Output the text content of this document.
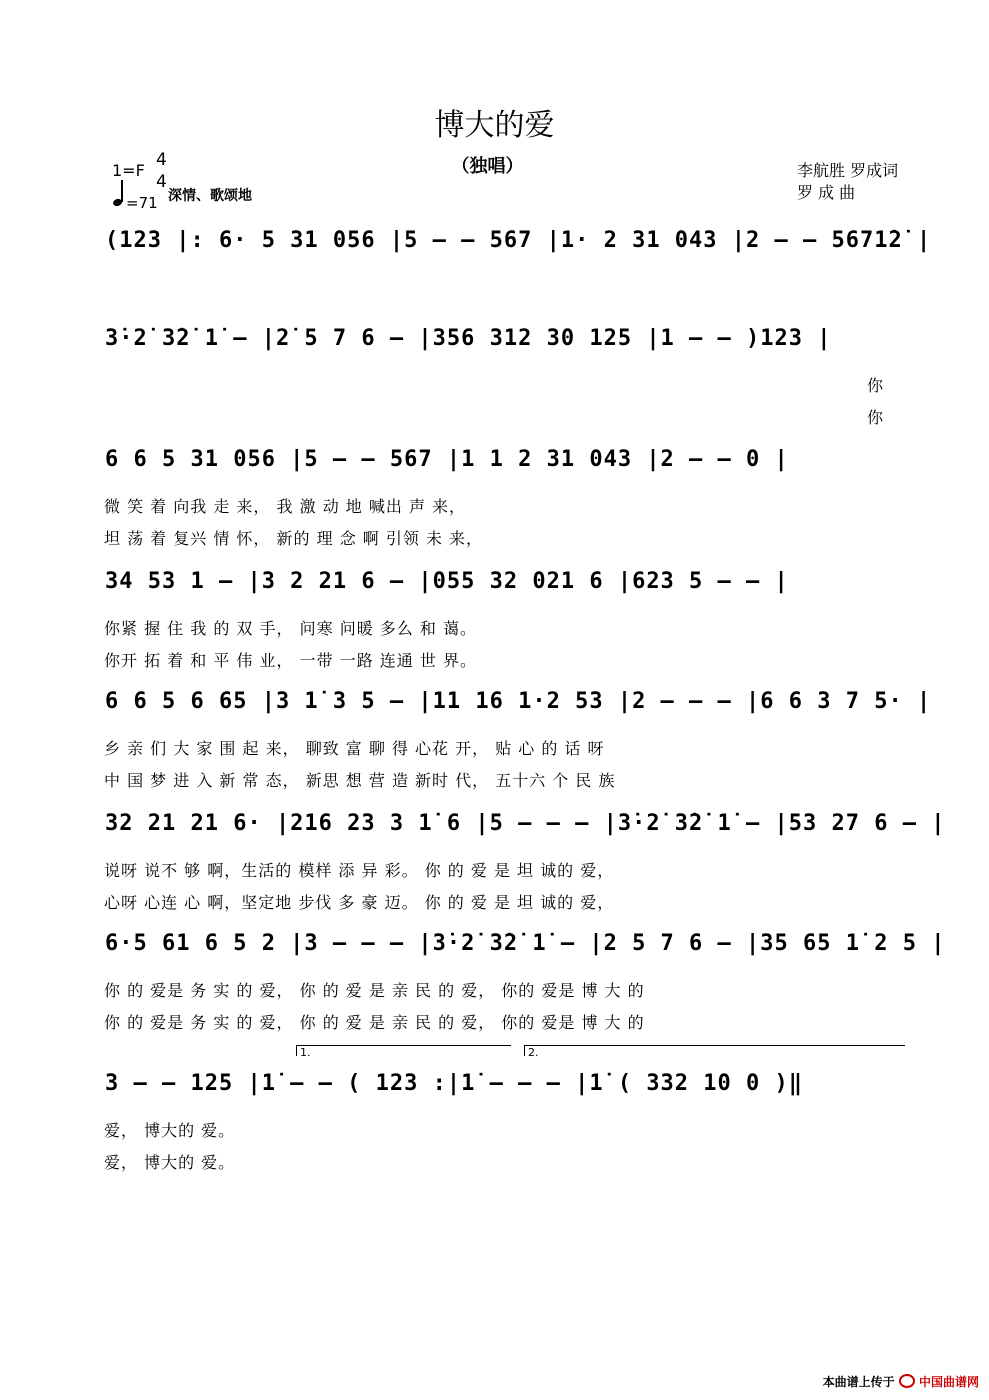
博大的爱
（独唱）
1=F
4
4
=71 深情、歌颂地
李航胜 罗成词
罗 成 曲
(123 |: 6· 5 31 056 |5 – – 567 |1· 2 31 043 |2 – – 5671̇2̇ |
3̇·2̇ 3̇2̇ 1̇ – |2̇ 5 7 6 – |356 312 30 125 |1 – – )123 |
你
你
6 6 5 31 056 |5 – – 567 |1 1 2 31 043 |2 – – 0 |
微 笑 着 向我 走 来， 我 激 动 地 喊出 声 来，
坦 荡 着 复兴 情 怀， 新的 理 念 啊 引领 未 来，
34 53 1 – |3 2 21 6 – |055 32 021 6 |623 5 – – |
你紧 握 住 我 的 双 手， 问寒 问暖 多么 和 蔼。
你开 拓 着 和 平 伟 业， 一带 一路 连通 世 界。
6 6 5 6 65 |3 1̇ 3 5 – |11 16 1·2 53 |2 – – – |6 6 3 7 5· |
乡 亲 们 大 家 围 起 来， 聊致 富 聊 得 心花 开， 贴 心 的 话 呀
中 国 梦 进 入 新 常 态， 新思 想 营 造 新时 代， 五十六 个 民 族
32 21 21 6· |216 23 3 1̇ 6 |5 – – – |3̇·2̇ 3̇2̇ 1̇ – |53 27 6 – |
说呀 说不 够 啊，生活的 模样 添 异 彩。 你 的 爱 是 坦 诚的 爱，
心呀 心连 心 啊，坚定地 步伐 多 豪 迈。 你 的 爱 是 坦 诚的 爱，
6·5 61 6 5 2 |3 – – – |3̇·2̇ 3̇2̇ 1̇ – |2 5 7 6 – |35 65 1̇ 2 5 |
你 的 爱是 务 实 的 爱， 你 的 爱 是 亲 民 的 爱， 你的 爱是 博 大 的
你 的 爱是 务 实 的 爱， 你 的 爱 是 亲 民 的 爱， 你的 爱是 博 大 的
1.	2.
3 – – 125 |1̇ – – ( 123 :|1̇ – – – |1̇ ( 332 10 0 )‖
爱， 博大的 爱。
爱， 博大的 爱。
本曲谱上传于 中国曲谱网
